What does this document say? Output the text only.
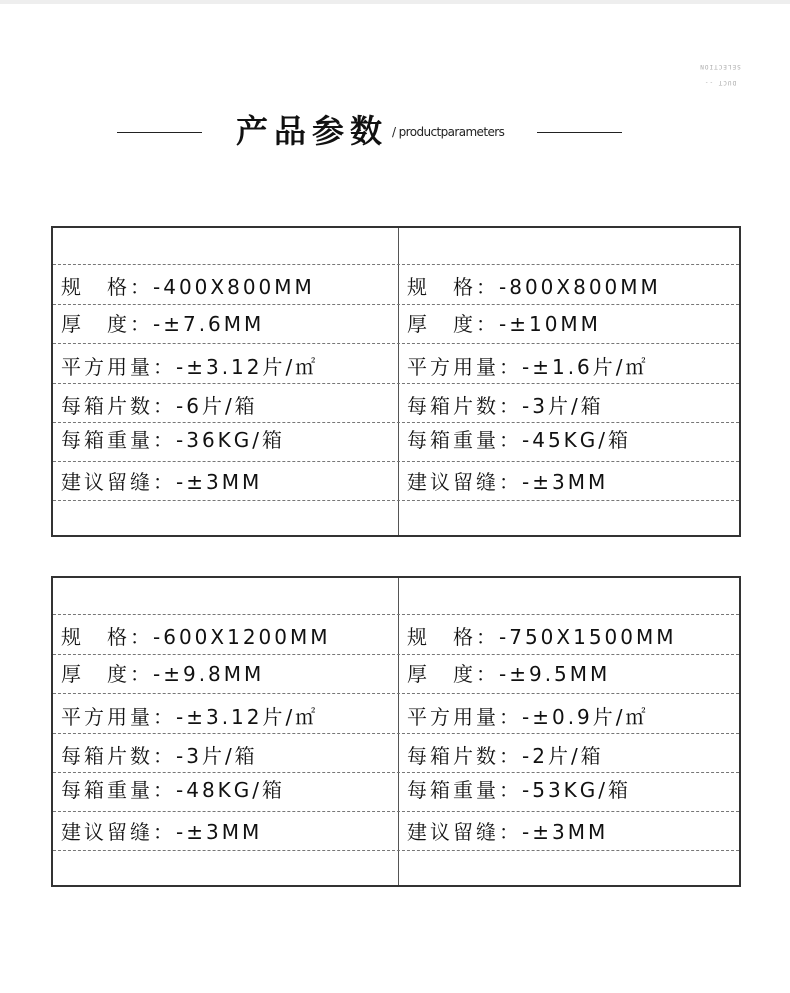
DUCT --
SELECTION
产品参数 / productparameters
规　格：-400X800MM
厚　度：-±7.6MM
平方用量：-±3.12片/㎡
每箱片数：-6片/箱
每箱重量：-36KG/箱
建议留缝：-±3MM
规　格：-800X800MM
厚　度：-±10MM
平方用量：-±1.6片/㎡
每箱片数：-3片/箱
每箱重量：-45KG/箱
建议留缝：-±3MM
规　格：-600X1200MM
厚　度：-±9.8MM
平方用量：-±3.12片/㎡
每箱片数：-3片/箱
每箱重量：-48KG/箱
建议留缝：-±3MM
规　格：-750X1500MM
厚　度：-±9.5MM
平方用量：-±0.9片/㎡
每箱片数：-2片/箱
每箱重量：-53KG/箱
建议留缝：-±3MM
